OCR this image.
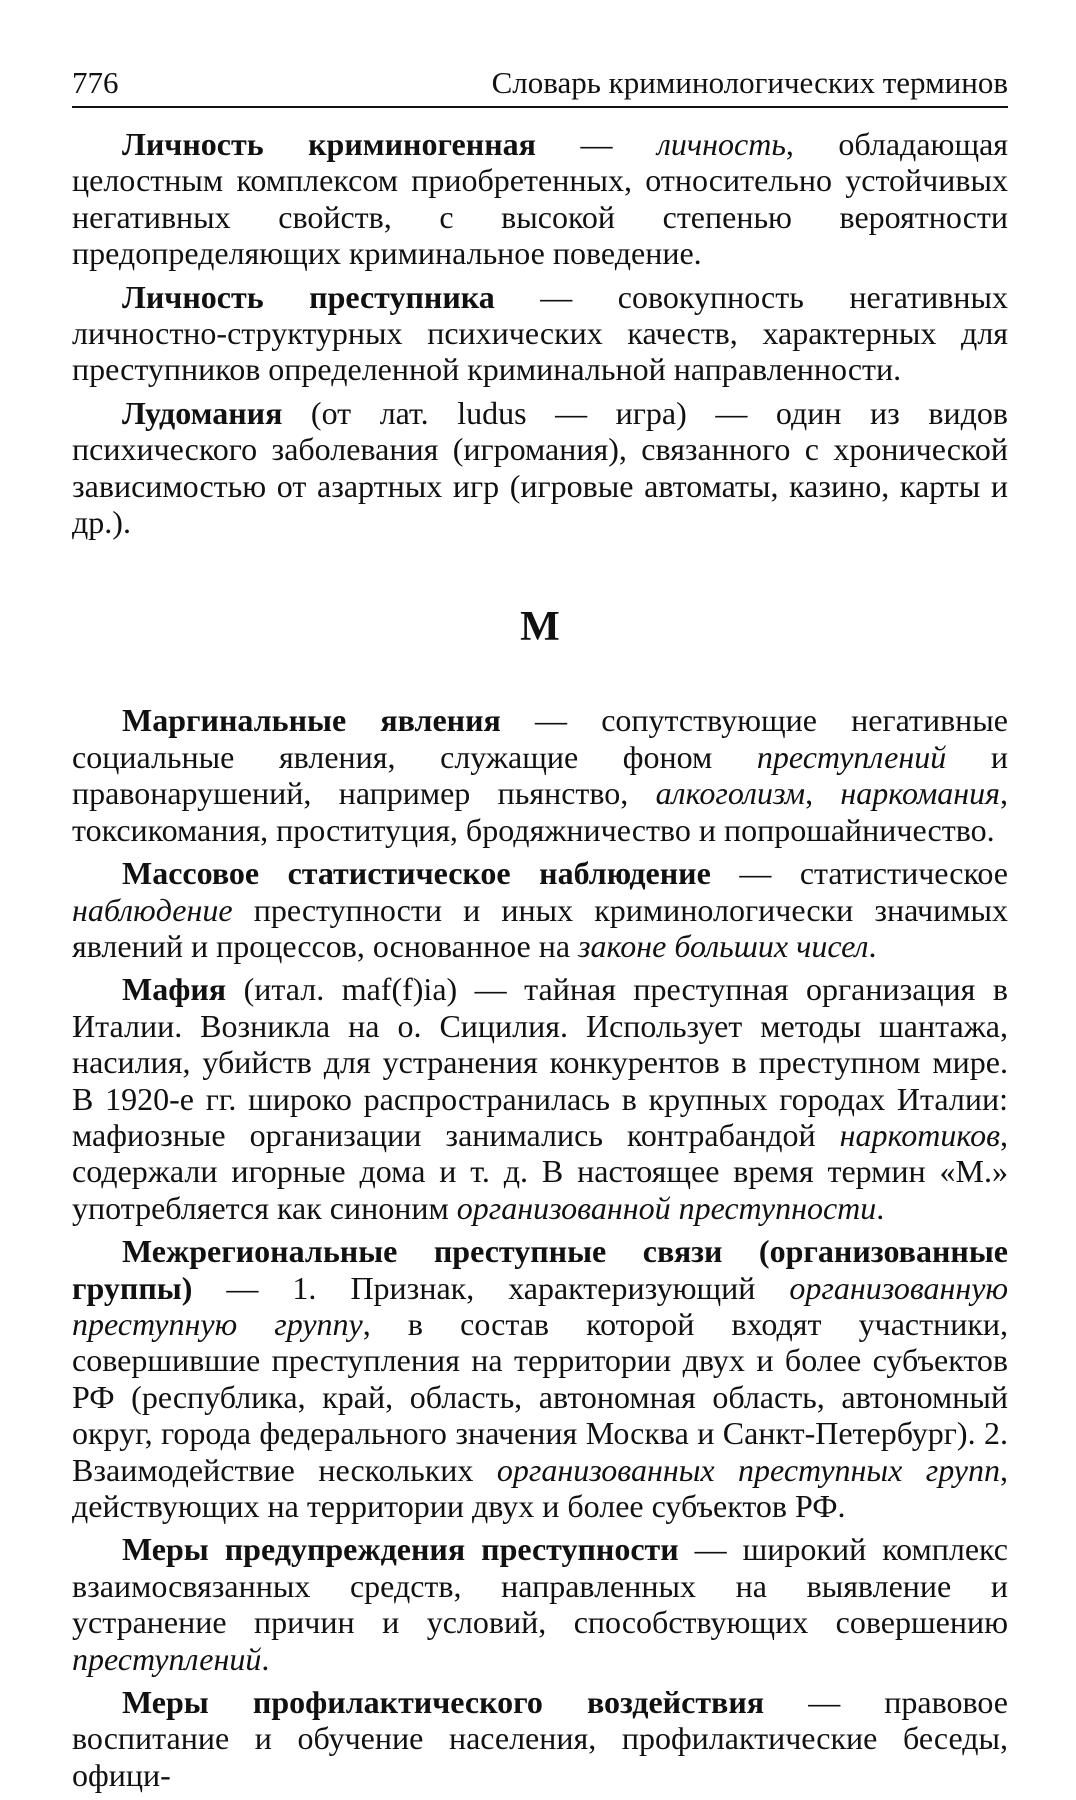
776	Словарь криминологических терминов

Личность криминогенная — личность, обладающая целостным комплексом приобретенных, относительно устойчивых негативных свойств, с высокой степенью вероятности предопределяющих криминальное поведение.

Личность преступника — совокупность негативных личностно-структурных психических качеств, характерных для преступников определенной криминальной направленности.

Лудомания (от лат. ludus — игра) — один из видов психического заболевания (игромания), связанного с хронической зависимостью от азартных игр (игровые автоматы, казино, карты и др.).

М

Маргинальные явления — сопутствующие негативные социальные явления, служащие фоном преступлений и правонарушений, например пьянство, алкоголизм, наркомания, токсикомания, проституция, бродяжничество и попрошайничество.

Массовое статистическое наблюдение — статистическое наблюдение преступности и иных криминологически значимых явлений и процессов, основанное на законе больших чисел.

Мафия (итал. maf(f)ia) — тайная преступная организация в Италии. Возникла на о. Сицилия. Использует методы шантажа, насилия, убийств для устранения конкурентов в преступном мире. В 1920-е гг. широко распространилась в крупных городах Италии: мафиозные организации занимались контрабандой наркотиков, содержали игорные дома и т. д. В настоящее время термин «М.» употребляется как синоним организованной преступности.

Межрегиональные преступные связи (организованные группы) — 1. Признак, характеризующий организованную преступную группу, в состав которой входят участники, совершившие преступления на территории двух и более субъектов РФ (республика, край, область, автономная область, автономный округ, города федерального значения Москва и Санкт-Петербург). 2. Взаимодействие нескольких организованных преступных групп, действующих на территории двух и более субъектов РФ.

Меры предупреждения преступности — широкий комплекс взаимосвязанных средств, направленных на выявление и устранение причин и условий, способствующих совершению преступлений.

Меры профилактического воздействия — правовое воспитание и обучение населения, профилактические беседы, офици-
